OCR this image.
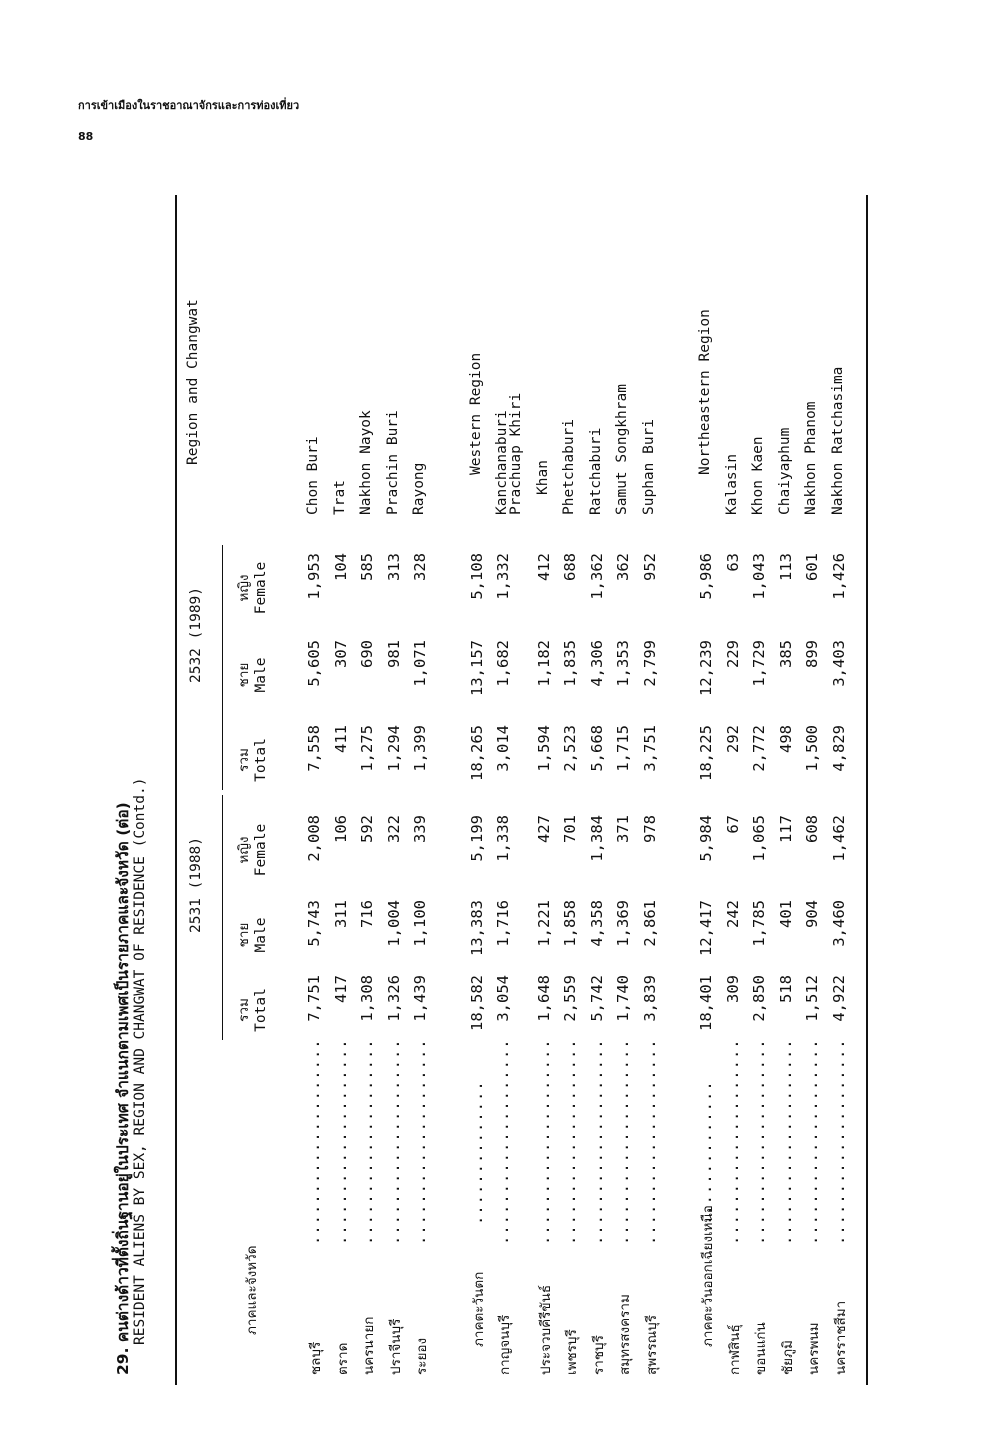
การเข้าเมืองในราชอาณาจักรและการท่องเที่ยว
88
29. คนต่างด้าวที่ตั้งถิ่นฐานอยู่ในประเทศ จำแนกตามเพศเป็นรายภาคและจังหวัด (ต่อ) RESIDENT ALIENS BY SEX, REGION AND CHANGWAT OF RESIDENCE (Contd.)	ภาคและจังหวัด
Region and Changwat
2531 (1988)
2532 (1989)
รวม Total
ชาย Male
หญิง Female
รวม Total
ชาย Male
หญิง Female
ชลบุรี
....................
7,751
5,743
2,008
7,558
5,605
1,953
Chon Buri
ตราด
....................
417
311
106
411
307
104
Trat
นครนายก
....................
1,308
716
592
1,275
690
585
Nakhon Nayok
ปราจีนบุรี
....................
1,326
1,004
322
1,294
981
313
Prachin Buri
ระยอง
....................
1,439
1,100
339
1,399
1,071
328
Rayong
ภาคตะวันตก
..............
18,582
13,383
5,199
18,265
13,157
5,108
Western Region
กาญจนบุรี
....................
3,054
1,716
1,338
3,014
1,682
1,332
Kanchanaburi
ประจวบคีรีขันธ์
....................
1,648
1,221
427
1,594
1,182
412
Prachuap Khiri Khan
เพชรบุรี
....................
2,559
1,858
701
2,523
1,835
688
Phetchaburi
ราชบุรี
....................
5,742
4,358
1,384
5,668
4,306
1,362
Ratchaburi
สมุทรสงคราม
....................
1,740
1,369
371
1,715
1,353
362
Samut Songkhram
สุพรรณบุรี
....................
3,839
2,861
978
3,751
2,799
952
Suphan Buri
ภาคตะวันออกเฉียงเหนือ
..............
18,401
12,417
5,984
18,225
12,239
5,986
Northeastern Region
กาฬสินธุ์
....................
309
242
67
292
229
63
Kalasin
ขอนแก่น
....................
2,850
1,785
1,065
2,772
1,729
1,043
Khon Kaen
ชัยภูมิ
....................
518
401
117
498
385
113
Chaiyaphum
นครพนม
....................
1,512
904
608
1,500
899
601
Nakhon Phanom
นครราชสีมา
....................
4,922
3,460
1,462
4,829
3,403
1,426
Nakhon Ratchasima
